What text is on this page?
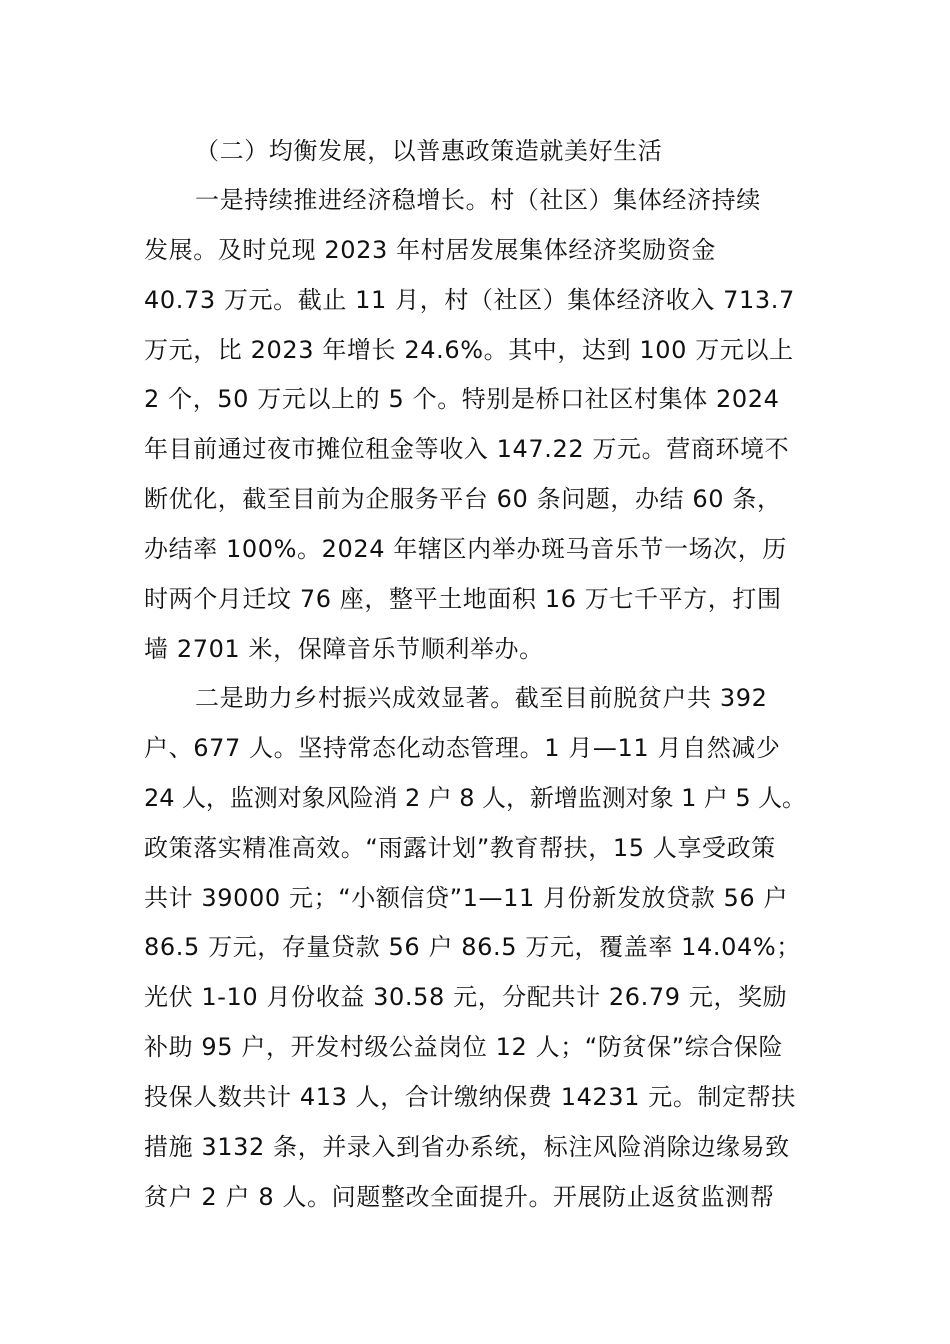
（二）均衡发展，以普惠政策造就美好生活
一是持续推进经济稳增长。村（社区）集体经济持续
发展。及时兑现 2023 年村居发展集体经济奖励资金
40.73 万元。截止 11 月，村（社区）集体经济收入 713.7
万元，比 2023 年增长 24.6%。其中，达到 100 万元以上
2 个，50 万元以上的 5 个。特别是桥口社区村集体 2024
年目前通过夜市摊位租金等收入 147.22 万元。营商环境不
断优化，截至目前为企服务平台 60 条问题，办结 60 条，
办结率 100%。2024 年辖区内举办斑马音乐节一场次，历
时两个月迁坟 76 座，整平土地面积 16 万七千平方，打围
墙 2701 米，保障音乐节顺利举办。
二是助力乡村振兴成效显著。截至目前脱贫户共 392
户、677 人。坚持常态化动态管理。1 月—11 月自然减少
24 人，监测对象风险消 2 户 8 人，新增监测对象 1 户 5 人。
政策落实精准高效。“雨露计划”教育帮扶，15 人享受政策
共计 39000 元；“小额信贷”1—11 月份新发放贷款 56 户
86.5 万元，存量贷款 56 户 86.5 万元，覆盖率 14.04%；
光伏 1-10 月份收益 30.58 元，分配共计 26.79 元，奖励
补助 95 户，开发村级公益岗位 12 人；“防贫保”综合保险
投保人数共计 413 人，合计缴纳保费 14231 元。制定帮扶
措施 3132 条，并录入到省办系统，标注风险消除边缘易致
贫户 2 户 8 人。问题整改全面提升。开展防止返贫监测帮
